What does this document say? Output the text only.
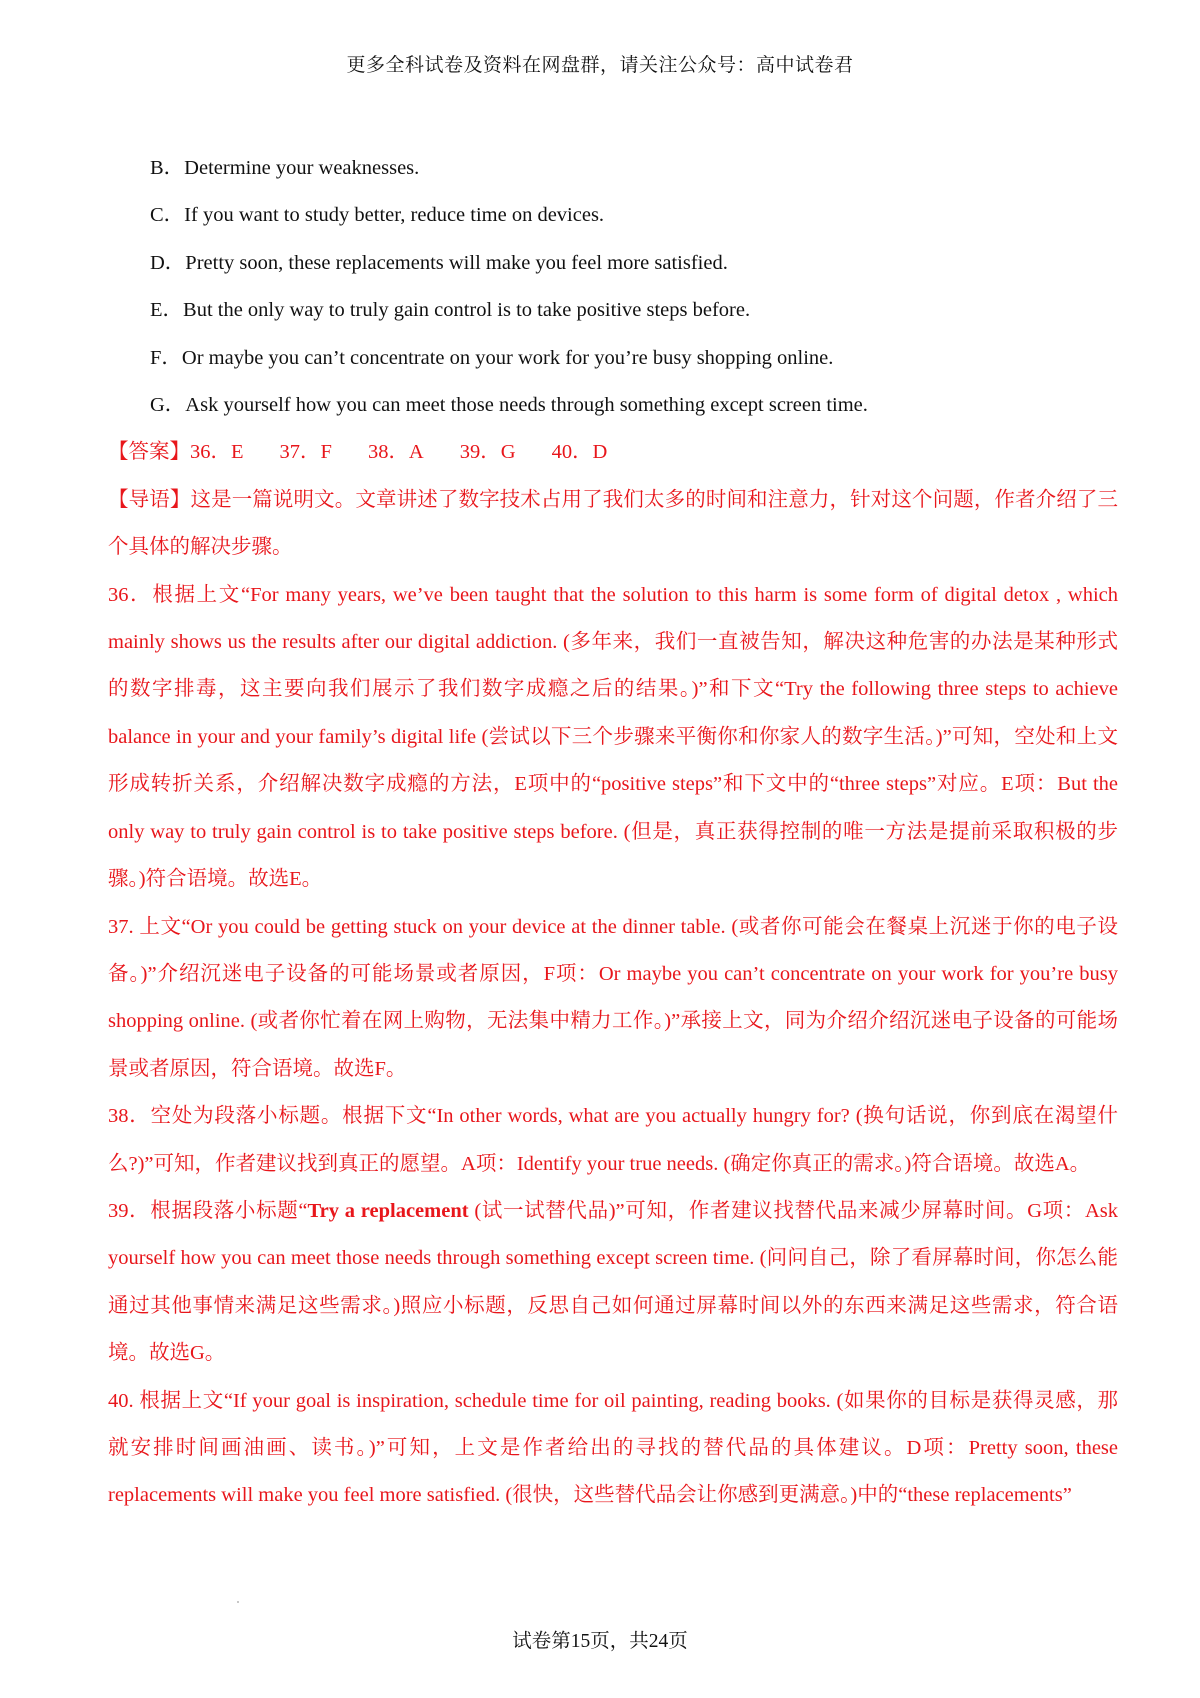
更多全科试卷及资料在网盘群，请关注公众号：高中试卷君
B．Determine your weaknesses.
C．If you want to study better, reduce time on devices.
D．Pretty soon, these replacements will make you feel more satisfied.
E．But the only way to truly gain control is to take positive steps before.
F．Or maybe you can’t concentrate on your work for you’re busy shopping online.
G．Ask yourself how you can meet those needs through something except screen time.
【答案】36．E 37．F 38．A 39．G 40．D
【导语】这是一篇说明文。文章讲述了数字技术占用了我们太多的时间和注意力，针对这个问题，作者介绍了三个具体的解决步骤。
36．根据上文“For many years, we’ve been taught that the solution to this harm is some form of digital detox , which mainly shows us the results after our digital addiction. (多年来，我们一直被告知，解决这种危害的办法是某种形式的数字排毒，这主要向我们展示了我们数字成瘾之后的结果。)”和下文“Try the following three steps to achieve balance in your and your family’s digital life (尝试以下三个步骤来平衡你和你家人的数字生活。)”可知，空处和上文形成转折关系，介绍解决数字成瘾的方法，E项中的“positive steps”和下文中的“three steps”对应。E项：But the only way to truly gain control is to take positive steps before. (但是，真正获得控制的唯一方法是提前采取积极的步骤。)符合语境。故选E。
37. 上文“Or you could be getting stuck on your device at the dinner table. (或者你可能会在餐桌上沉迷于你的电子设备。)”介绍沉迷电子设备的可能场景或者原因，F项：Or maybe you can’t concentrate on your work for you’re busy shopping online. (或者你忙着在网上购物，无法集中精力工作。)”承接上文，同为介绍介绍沉迷电子设备的可能场景或者原因，符合语境。故选F。
38．空处为段落小标题。根据下文“In other words, what are you actually hungry for? (换句话说，你到底在渴望什么?)”可知，作者建议找到真正的愿望。A项：Identify your true needs. (确定你真正的需求。)符合语境。故选A。
39．根据段落小标题“Try a replacement (试一试替代品)”可知，作者建议找替代品来减少屏幕时间。G项：Ask yourself how you can meet those needs through something except screen time. (问问自己，除了看屏幕时间，你怎么能通过其他事情来满足这些需求。)照应小标题，反思自己如何通过屏幕时间以外的东西来满足这些需求，符合语境。故选G。
40. 根据上文“If your goal is inspiration, schedule time for oil painting, reading books. (如果你的目标是获得灵感，那就安排时间画油画、读书。)”可知，上文是作者给出的寻找的替代品的具体建议。D项：Pretty soon, these replacements will make you feel more satisfied. (很快，这些替代品会让你感到更满意。)中的“these replacements”
试卷第15页，共24页
